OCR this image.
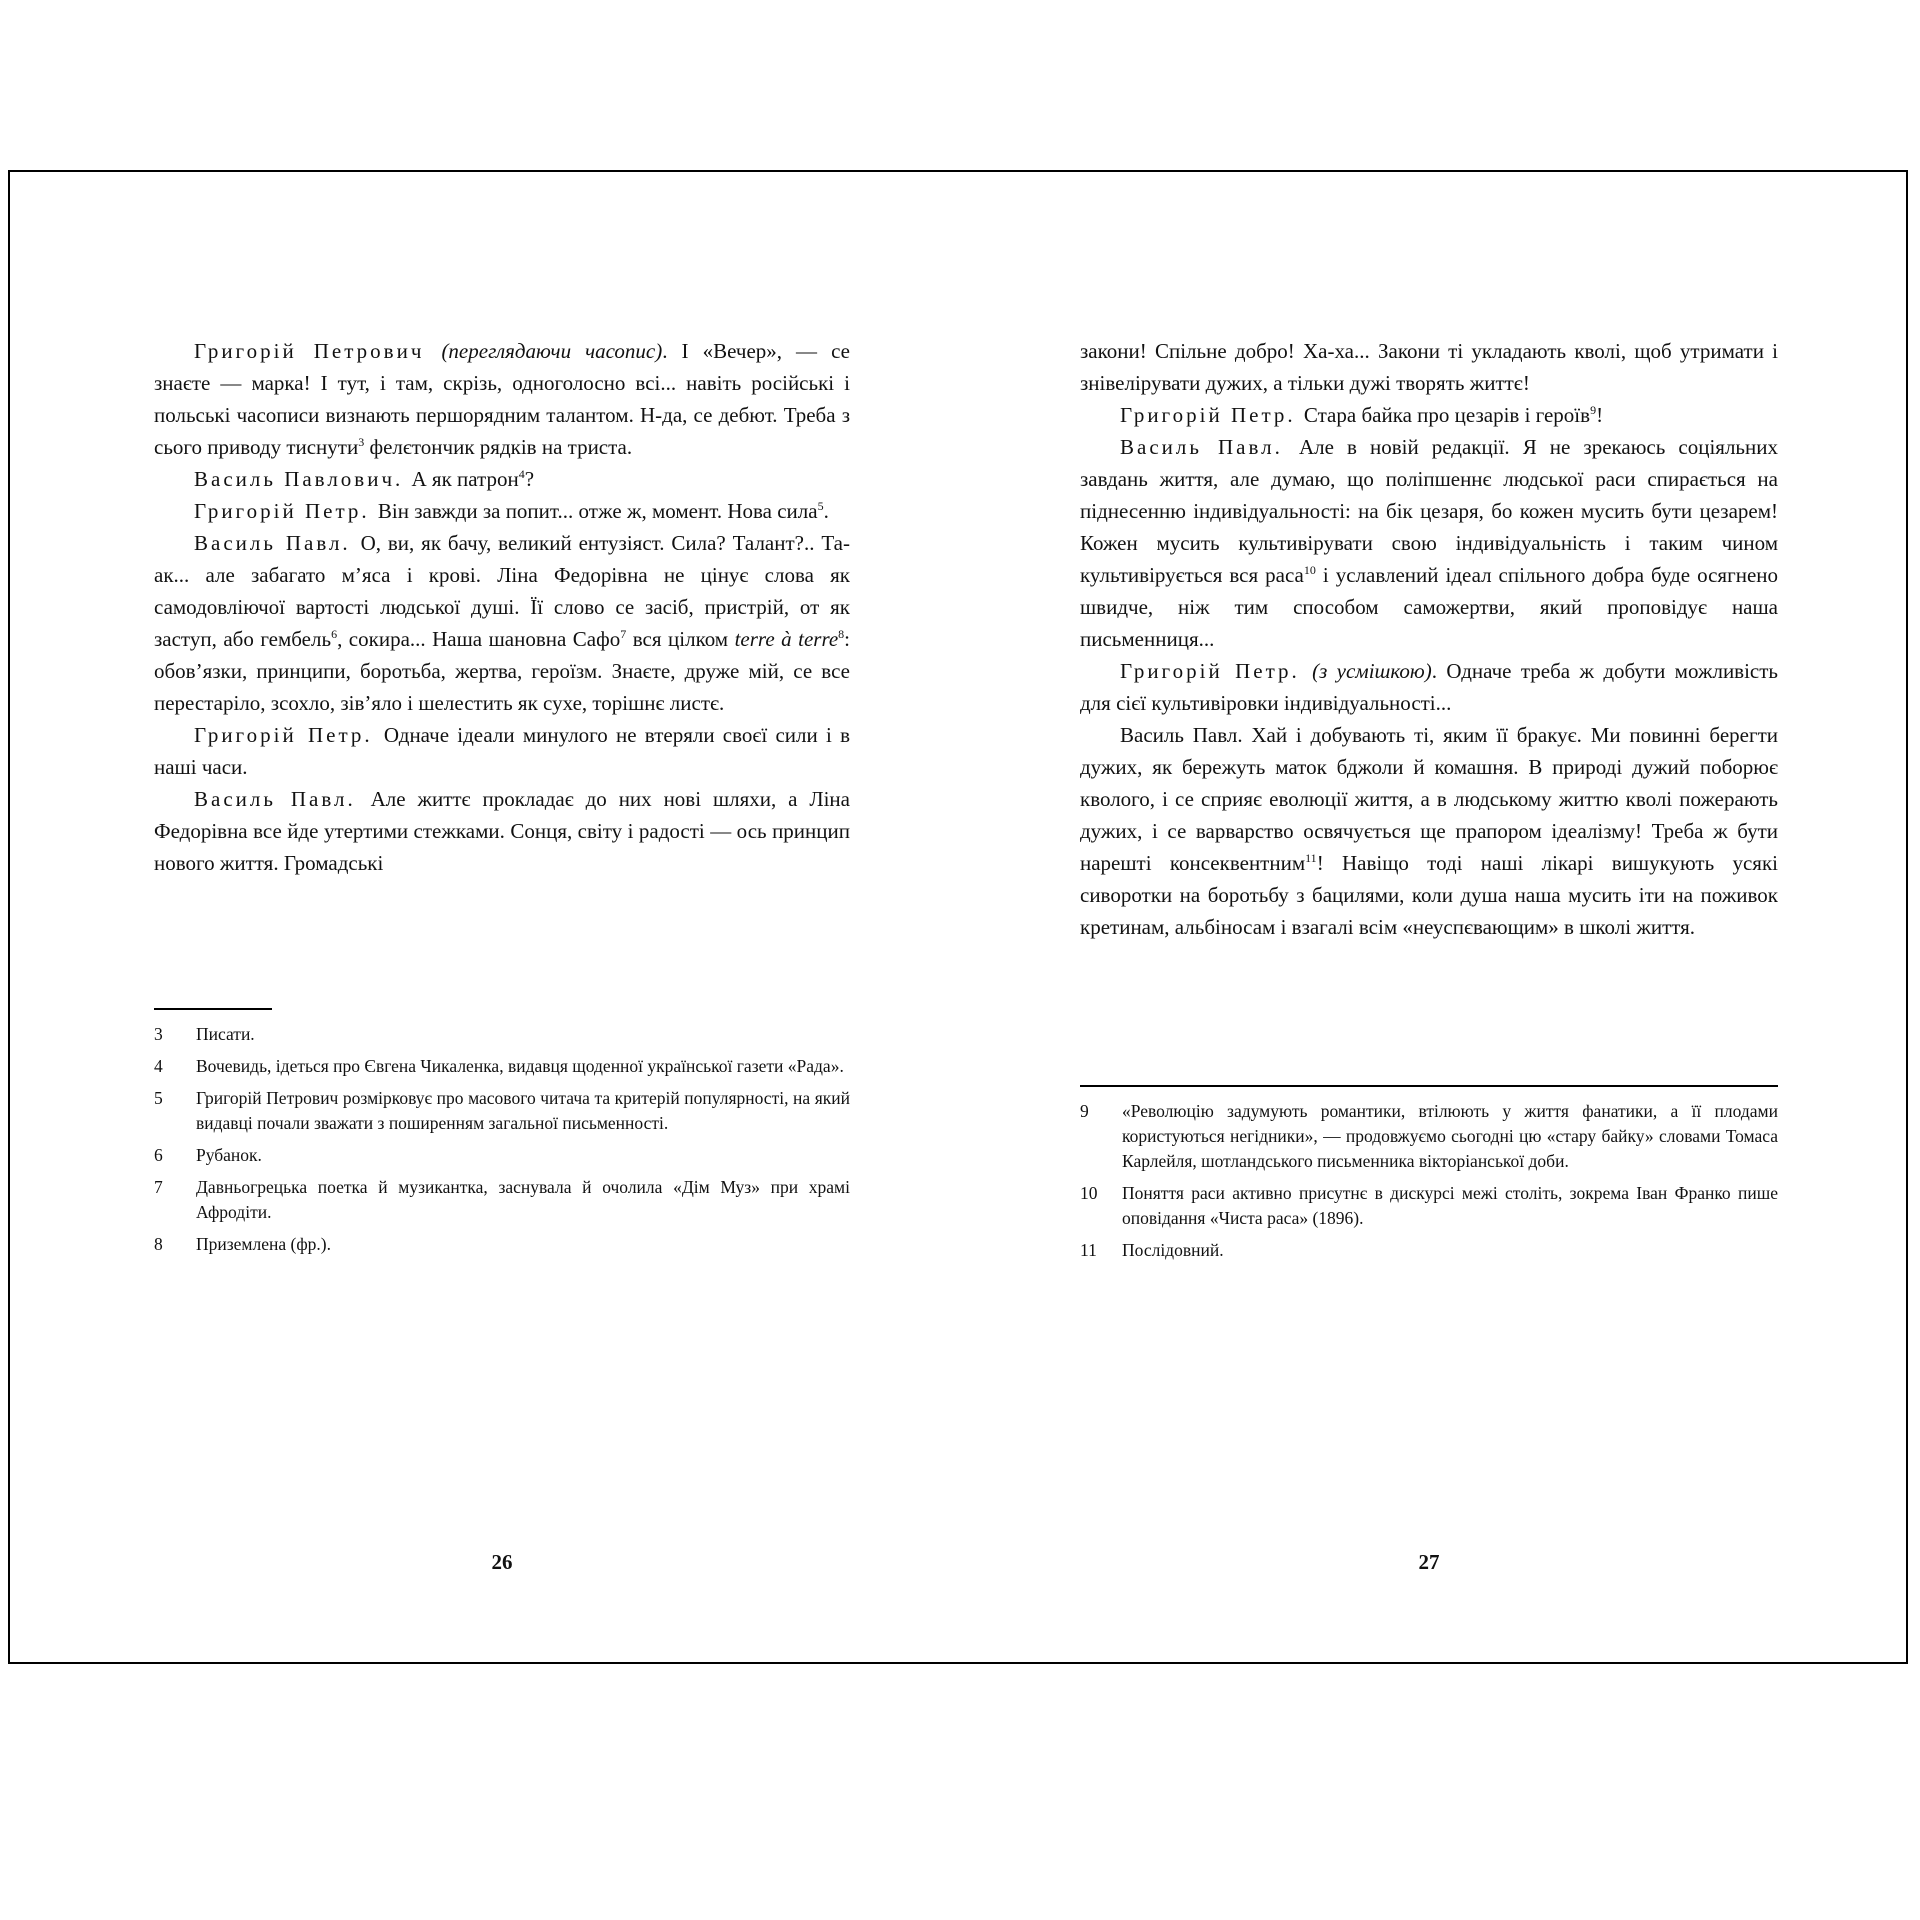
Григорій Петрович (переглядаючи часопис). І «Вечер», — се знаєте — марка! І тут, і там, скрізь, одноголосно всі... навіть російські і польські часописи визнають першорядним талантом. Н-да, се дебют. Треба з сього приводу тиснути$^3$ фелєтончик рядків на триста.

Василь Павлович. А як патрон$^4$?

Григорій Петр. Він завжди за попит... отже ж, момент. Нова сила$^5$.

Василь Павл. О, ви, як бачу, великий ентузіяст. Сила? Талант?.. Та-ак... але забагато м’яса і крові. Ліна Федорівна не цінує слова як самодовліючої вартості людської душі. Її слово се засіб, пристрій, от як заступ, або гембель$^6$, сокира... Наша шановна Сафо$^7$ вся цілком terre à terre$^8$: обов’язки, принципи, боротьба, жертва, героїзм. Знаєте, друже мій, се все перестаріло, зсохло, зів’яло і шелестить як сухе, торішнє листє.

Григорій Петр. Одначе ідеали минулого не втеряли своєї сили і в наші часи.

Василь Павл. Але життє прокладає до них нові шляхи, а Ліна Федорівна все йде утертими стежками. Сонця, світу і радості — ось принцип нового життя. Громадські

3	Писати.
4	Вочевидь, ідеться про Євгена Чикаленка, видавця щоденної української газети «Рада».
5	Григорій Петрович розмірковує про масового читача та критерій популярності, на який видавці почали зважати з поширенням загальної письменності.
6	Рубанок.
7	Давньогрецька поетка й музикантка, заснувала й очолила «Дім Муз» при храмі Афродіти.
8	Приземлена (фр.).
26

закони! Спільне добро! Ха-ха... Закони ті укладають кволі, щоб утримати і знівелірувати дужих, а тільки дужі творять життє!

Григорій Петр. Стара байка про цезарів і героїв$^9$!

Василь Павл. Але в новій редакції. Я не зрекаюсь соціяльних завдань життя, але думаю, що поліпшеннє людської раси спирається на піднесенню індивідуальності: на бік цезаря, бо кожен мусить бути цезарем! Кожен мусить культивірувати свою індивідуальність і таким чином культивірується вся раса$^{10}$ і уславлений ідеал спільного добра буде осягнено швидче, ніж тим способом саможертви, який проповідує наша письменниця...

Григорій Петр. (з усмішкою). Одначе треба ж добути можливість для сієї культивіровки індивідуальності...

Василь Павл. Хай і добувають ті, яким її бракує. Ми повинні берегти дужих, як бережуть маток бджоли й комашня. В природі дужий поборює кволого, і се сприяє еволюції життя, а в людському життю кволі пожерають дужих, і се варварство освячується ще прапором ідеалізму! Треба ж бути нарешті консеквентним$^{11}$! Навіщо тоді наші лікарі вишукують усякі сиворотки на боротьбу з бацилями, коли душа наша мусить іти на поживок кретинам, альбіносам і взагалі всім «неуспєвающим» в школі життя.

9	«Революцію задумують романтики, втілюють у життя фанатики, а її плодами користуються негідники», — продовжуємо сьогодні цю «стару байку» словами Томаса Карлейля, шотландського письменника вікторіанської доби.
10	Поняття раси активно присутнє в дискурсі межі століть, зокрема Іван Франко пише оповідання «Чиста раса» (1896).
11	Послідовний.
27
